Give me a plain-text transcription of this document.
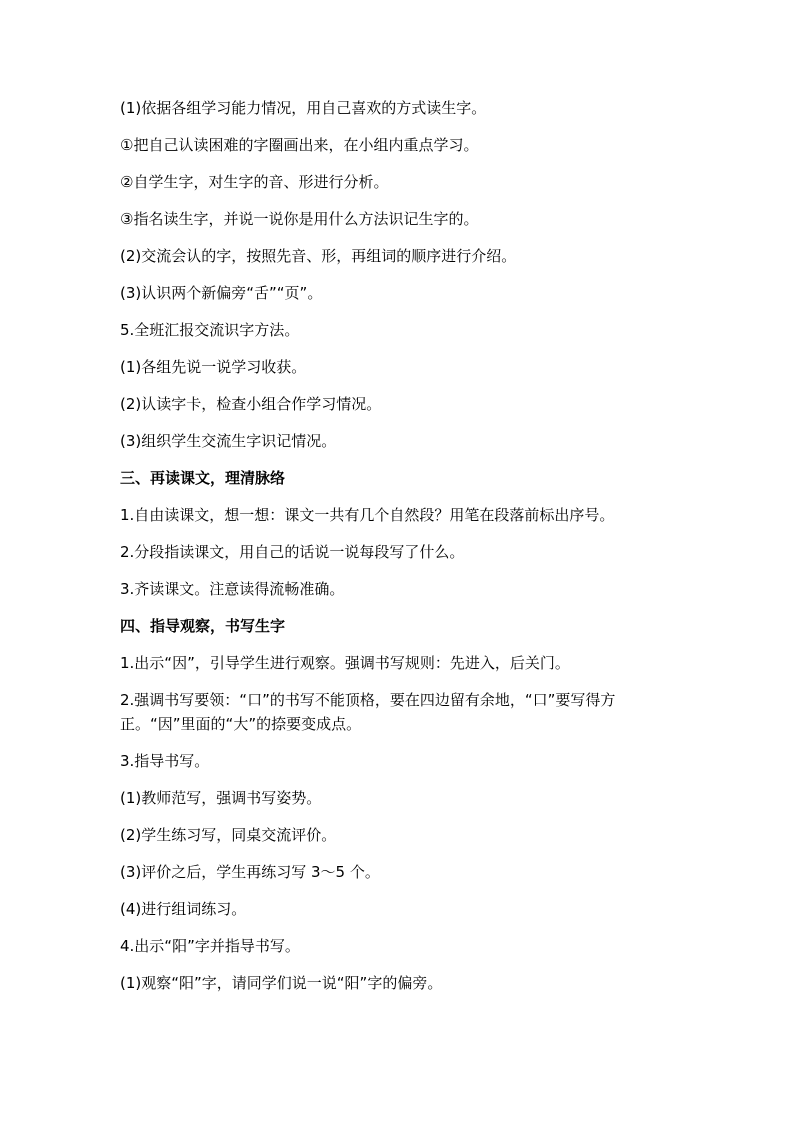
(1)依据各组学习能力情况，用自己喜欢的方式读生字。
①把自己认读困难的字圈画出来，在小组内重点学习。
②自学生字，对生字的音、形进行分析。
③指名读生字，并说一说你是用什么方法识记生字的。
(2)交流会认的字，按照先音、形，再组词的顺序进行介绍。
(3)认识两个新偏旁“舌”“页”。
5.全班汇报交流识字方法。
(1)各组先说一说学习收获。
(2)认读字卡，检查小组合作学习情况。
(3)组织学生交流生字识记情况。
三、再读课文，理清脉络
1.自由读课文，想一想：课文一共有几个自然段？用笔在段落前标出序号。
2.分段指读课文，用自己的话说一说每段写了什么。
3.齐读课文。注意读得流畅准确。
四、指导观察，书写生字
1.出示“因”，引导学生进行观察。强调书写规则：先进入，后关门。
2.强调书写要领：“口”的书写不能顶格，要在四边留有余地，“口”要写得方正。“因”里面的“大”的捺要变成点。
3.指导书写。
(1)教师范写，强调书写姿势。
(2)学生练习写，同桌交流评价。
(3)评价之后，学生再练习写 3～5 个。
(4)进行组词练习。
4.出示“阳”字并指导书写。
(1)观察“阳”字，请同学们说一说“阳”字的偏旁。
